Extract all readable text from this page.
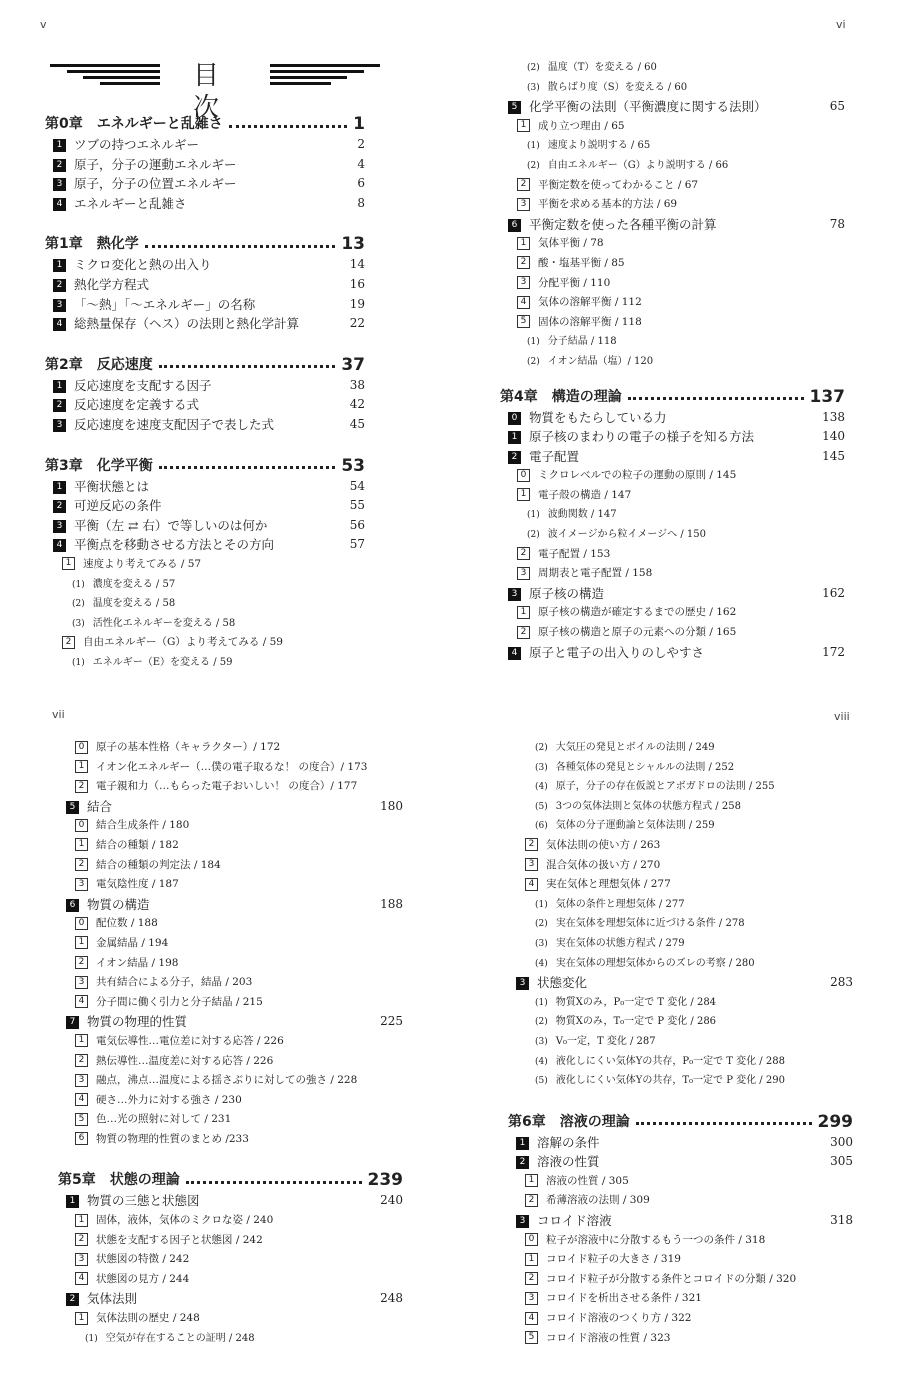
v	vi
vii	viii
目 次
第0章　エネルギーと乱雑さ	1
1 ツブの持つエネルギー	2
2 原子，分子の運動エネルギー	4
3 原子，分子の位置エネルギー	6
4 エネルギーと乱雑さ	8
第1章　熱化学	13
1 ミクロ変化と熱の出入り	14
2 熱化学方程式	16
3 「～熱」「～エネルギー」の名称	19
4 総熱量保存（ヘス）の法則と熱化学計算	22
第2章　反応速度	37
1 反応速度を支配する因子	38
2 反応速度を定義する式	42
3 反応速度を速度支配因子で表した式	45
第3章　化学平衡	53
1 平衡状態とは	54
2 可逆反応の条件	55
3 平衡（左 ⇄ 右）で等しいのは何か	56
4 平衡点を移動させる方法とその方向	57
1 速度より考えてみる / 57
(1) 濃度を変える / 57
(2) 温度を変える / 58
(3) 活性化エネルギーを変える / 58
2 自由エネルギー（G）より考えてみる / 59
(1) エネルギー（E）を変える / 59
(2) 温度（T）を変える / 60
(3) 散らばり度（S）を変える / 60
5 化学平衡の法則（平衡濃度に関する法則）	65
1 成り立つ理由 / 65
(1) 速度より説明する / 65
(2) 自由エネルギー（G）より説明する / 66
2 平衡定数を使ってわかること / 67
3 平衡を求める基本的方法 / 69
6 平衡定数を使った各種平衡の計算	78
1 気体平衡 / 78
2 酸・塩基平衡 / 85
3 分配平衡 / 110
4 気体の溶解平衡 / 112
5 固体の溶解平衡 / 118
(1) 分子結晶 / 118
(2) イオン結晶（塩）/ 120
第4章　構造の理論	137
0 物質をもたらしている力	138
1 原子核のまわりの電子の様子を知る方法	140
2 電子配置	145
0 ミクロレベルでの粒子の運動の原則 / 145
1 電子殻の構造 / 147
(1) 波動関数 / 147
(2) 波イメージから粒イメージへ / 150
2 電子配置 / 153
3 周期表と電子配置 / 158
3 原子核の構造	162
1 原子核の構造が確定するまでの歴史 / 162
2 原子核の構造と原子の元素への分類 / 165
4 原子と電子の出入りのしやすさ	172
0 原子の基本性格（キャラクター）/ 172
1 イオン化エネルギー（…僕の電子取るな！ の度合）/ 173
2 電子親和力（…もらった電子おいしい！ の度合）/ 177
5 結合	180
0 結合生成条件 / 180
1 結合の種類 / 182
2 結合の種類の判定法 / 184
3 電気陰性度 / 187
6 物質の構造	188
0 配位数 / 188
1 金属結晶 / 194
2 イオン結晶 / 198
3 共有結合による分子，結晶 / 203
4 分子間に働く引力と分子結晶 / 215
7 物質の物理的性質	225
1 電気伝導性…電位差に対する応答 / 226
2 熱伝導性…温度差に対する応答 / 226
3 融点，沸点…温度による揺さぶりに対しての強さ / 228
4 硬さ…外力に対する強さ / 230
5 色…光の照射に対して / 231
6 物質の物理的性質のまとめ /233
第5章　状態の理論	239
1 物質の三態と状態図	240
1 固体，液体，気体のミクロな姿 / 240
2 状態を支配する因子と状態図 / 242
3 状態図の特徴 / 242
4 状態図の見方 / 244
2 気体法則	248
1 気体法則の歴史 / 248
(1) 空気が存在することの証明 / 248
(2) 大気圧の発見とボイルの法則 / 249
(3) 各種気体の発見とシャルルの法則 / 252
(4) 原子，分子の存在仮説とアボガドロの法則 / 255
(5) 3つの気体法則と気体の状態方程式 / 258
(6) 気体の分子運動論と気体法則 / 259
2 気体法則の使い方 / 263
3 混合気体の扱い方 / 270
4 実在気体と理想気体 / 277
(1) 気体の条件と理想気体 / 277
(2) 実在気体を理想気体に近づける条件 / 278
(3) 実在気体の状態方程式 / 279
(4) 実在気体の理想気体からのズレの考察 / 280
3 状態変化	283
(1) 物質Xのみ，P₀一定で T 変化 / 284
(2) 物質Xのみ，T₀一定で P 変化 / 286
(3) V₀一定，T 変化 / 287
(4) 液化しにくい気体Yの共存，P₀一定で T 変化 / 288
(5) 液化しにくい気体Yの共存，T₀一定で P 変化 / 290
第6章　溶液の理論	299
1 溶解の条件	300
2 溶液の性質	305
1 溶液の性質 / 305
2 希薄溶液の法則 / 309
3 コロイド溶液	318
0 粒子が溶液中に分散するもう一つの条件 / 318
1 コロイド粒子の大きさ / 319
2 コロイド粒子が分散する条件とコロイドの分類 / 320
3 コロイドを析出させる条件 / 321
4 コロイド溶液のつくり方 / 322
5 コロイド溶液の性質 / 323
